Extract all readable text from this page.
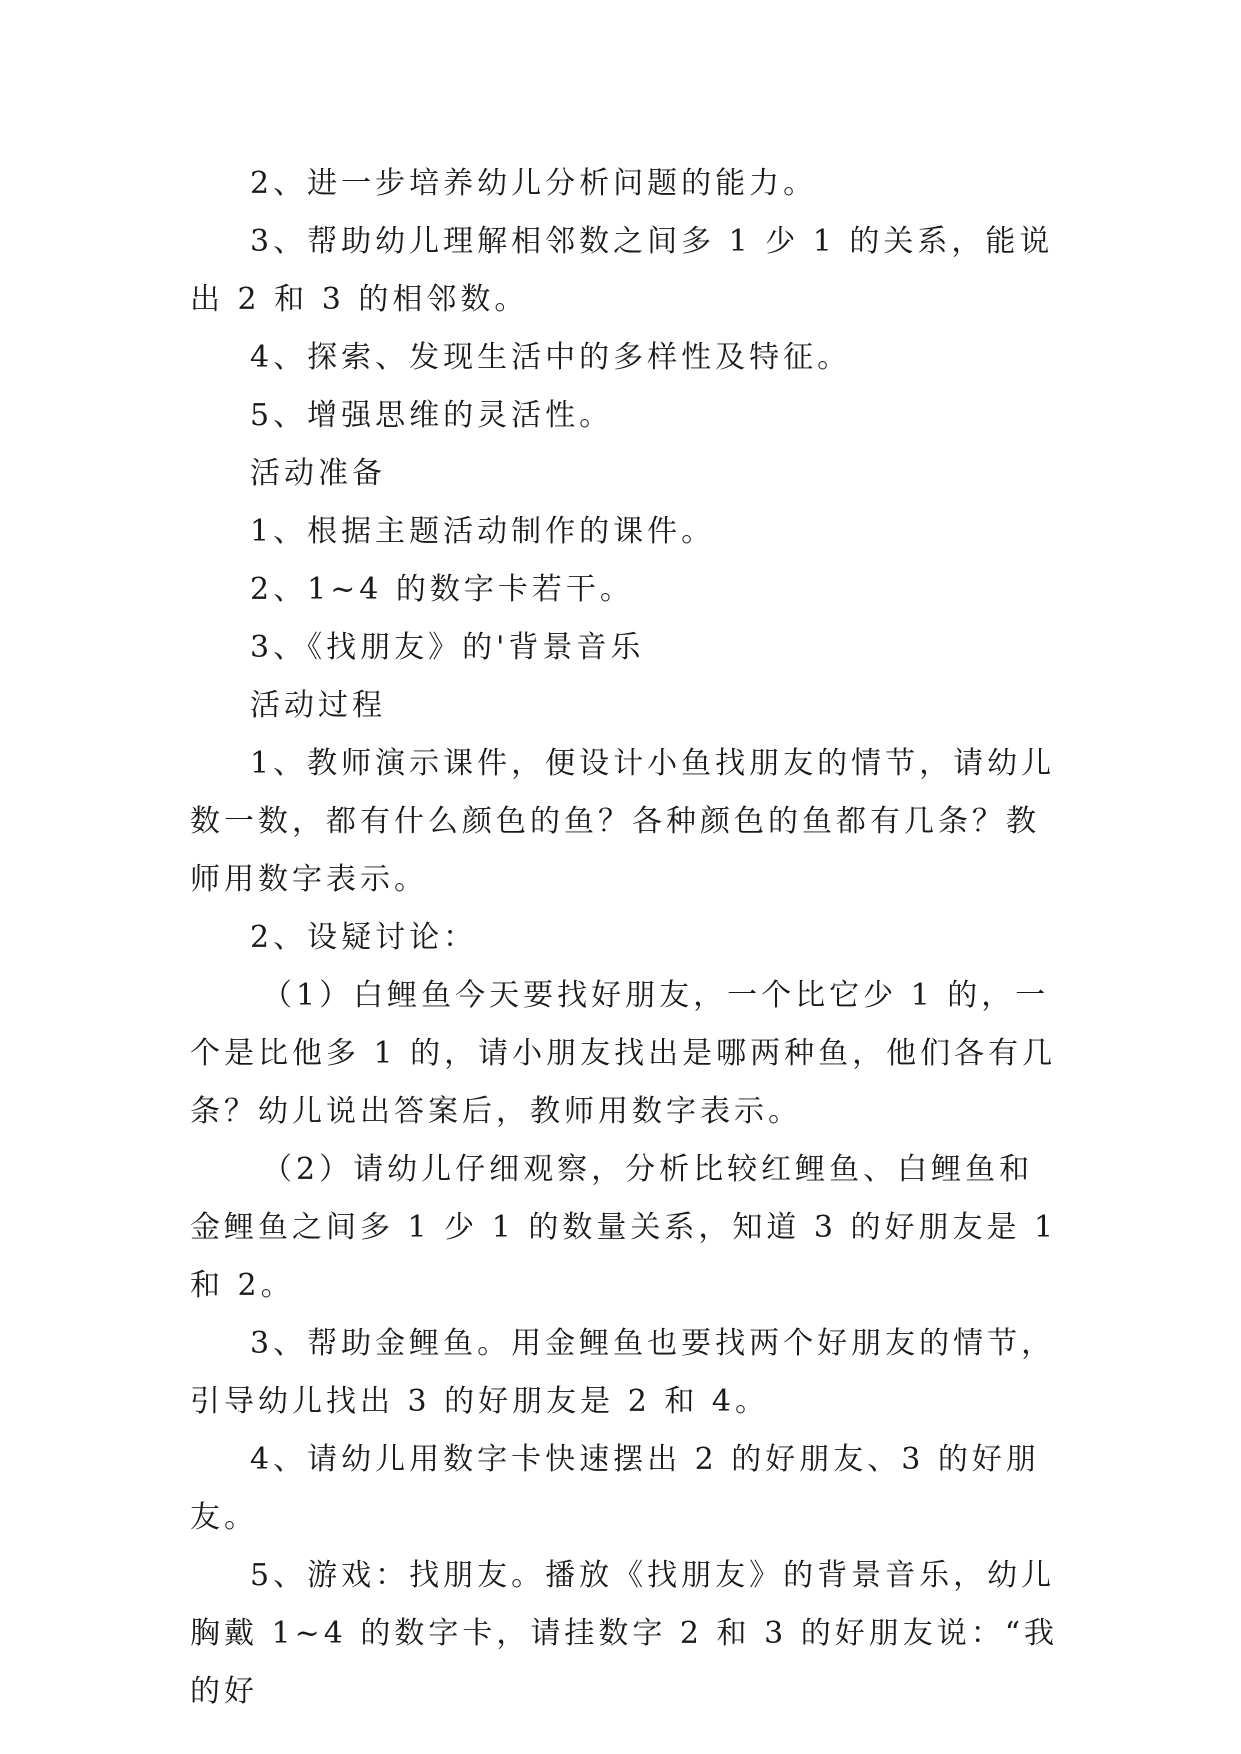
2、进一步培养幼儿分析问题的能力。

3、帮助幼儿理解相邻数之间多 1 少 1 的关系，能说出 2 和 3 的相邻数。

4、探索、发现生活中的多样性及特征。

5、增强思维的灵活性。

活动准备

1、根据主题活动制作的课件。

2、1~4 的数字卡若干。

3、《找朋友》的'背景音乐

活动过程

1、教师演示课件，便设计小鱼找朋友的情节，请幼儿数一数，都有什么颜色的鱼？各种颜色的鱼都有几条？教师用数字表示。

2、设疑讨论：

（1）白鲤鱼今天要找好朋友，一个比它少 1 的，一个是比他多 1 的，请小朋友找出是哪两种鱼，他们各有几条？幼儿说出答案后，教师用数字表示。

（2）请幼儿仔细观察，分析比较红鲤鱼、白鲤鱼和金鲤鱼之间多 1 少 1 的数量关系，知道 3 的好朋友是 1 和 2。

3、帮助金鲤鱼。用金鲤鱼也要找两个好朋友的情节，引导幼儿找出 3 的好朋友是 2 和 4。

4、请幼儿用数字卡快速摆出 2 的好朋友、3 的好朋友。

5、游戏：找朋友。播放《找朋友》的背景音乐，幼儿胸戴 1~4 的数字卡，请挂数字 2 和 3 的好朋友说：“我的好
